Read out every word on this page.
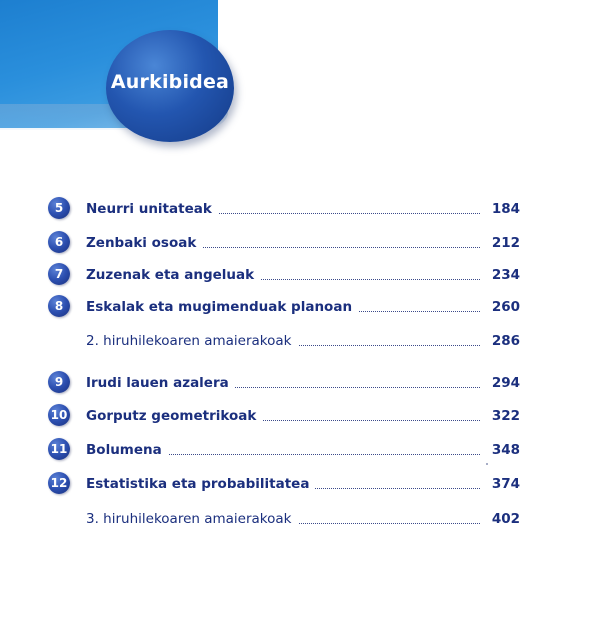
Aurkibidea
5	Neurri unitateak	184
6	Zenbaki osoak	212
7	Zuzenak eta angeluak	234
8	Eskalak eta mugimenduak planoan	260
2. hiruhilekoaren amaierakoak	286
9	Irudi lauen azalera	294
10 Gorputz geometrikoak	322
11 Bolumena	348
12 Estatistika eta probabilitatea	374
3. hiruhilekoaren amaierakoak	402
